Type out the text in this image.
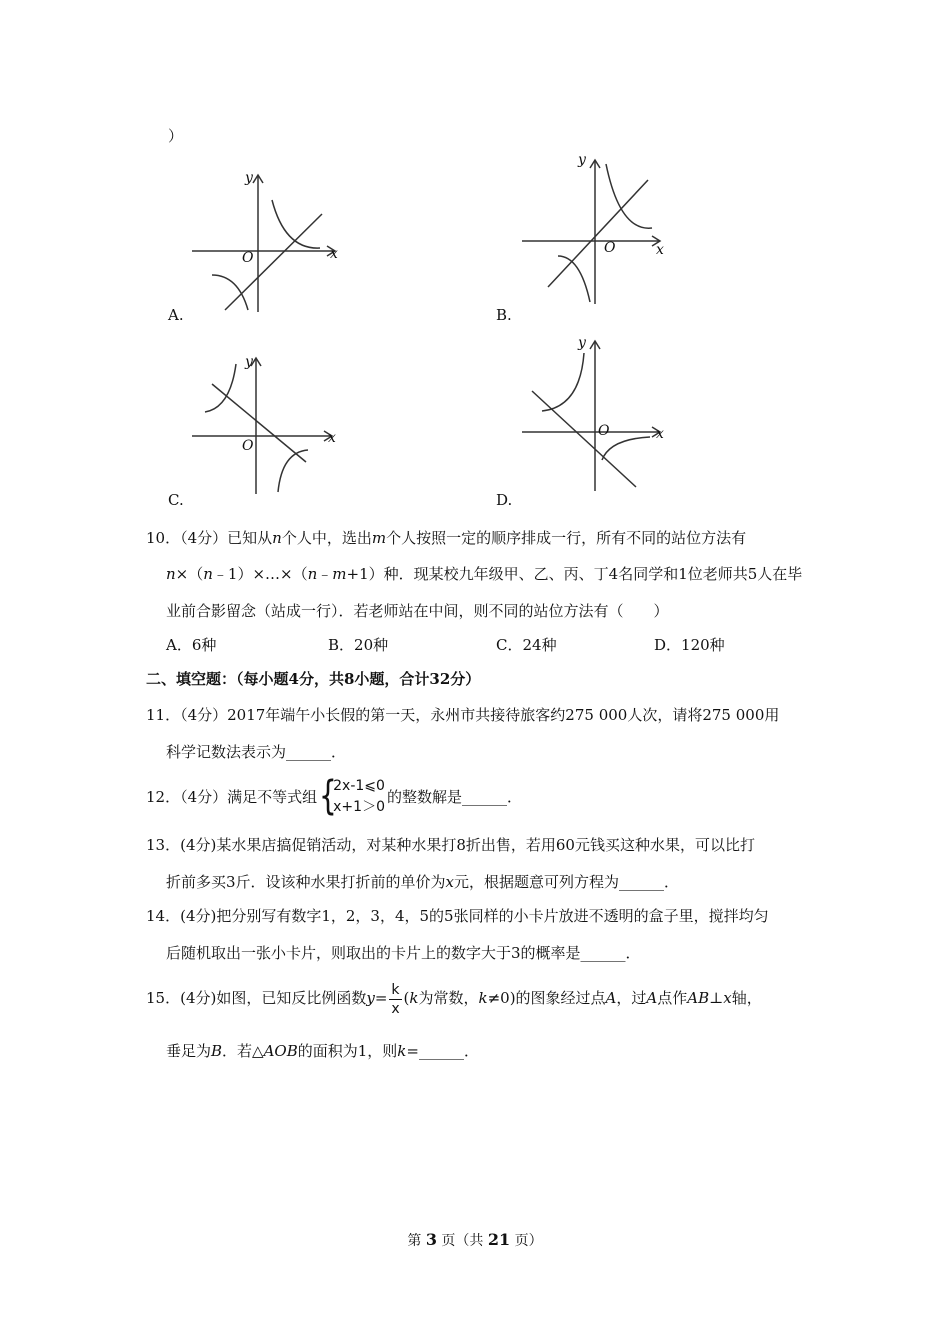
）
y
x
O
A.
y
x
O
B.
y
x
O
C.
y
x
O
D.
10．（4分）已知从n个人中，选出m个人按照一定的顺序排成一行，所有不同的站位方法有
n×（n﹣1）×…×（n﹣m+1）种．现某校九年级甲、乙、丙、丁4名同学和1位老师共5人在毕
业前合影留念（站成一行）．若老师站在中间，则不同的站位方法有（　　）
A．6种	B．20种	C．24种	D．120种
二、填空题：（每小题4分，共8小题，合计32分）
11．（4分）2017年端午小长假的第一天，永州市共接待旅客约275 000人次，请将275 000用
科学记数法表示为______．
12．（4分）满足不等式组 {
2x-1⩽0
x+1＞0
的整数解是______．
13．(4分)某水果店搞促销活动，对某种水果打8折出售，若用60元钱买这种水果，可以比打
折前多买3斤．设该种水果打折前的单价为x元，根据题意可列方程为______．
14．(4分)把分别写有数字1，2，3，4，5的5张同样的小卡片放进不透明的盒子里，搅拌均匀
后随机取出一张小卡片，则取出的卡片上的数字大于3的概率是______．
15．(4分)如图，已知反比例函数$y= \frac{k}{x} (k$为常数，k≠0)的图象经过点A，过A点作AB⊥x轴，
垂足为B．若△AOB的面积为1，则k=______．
第 3 页（共 21 页）
